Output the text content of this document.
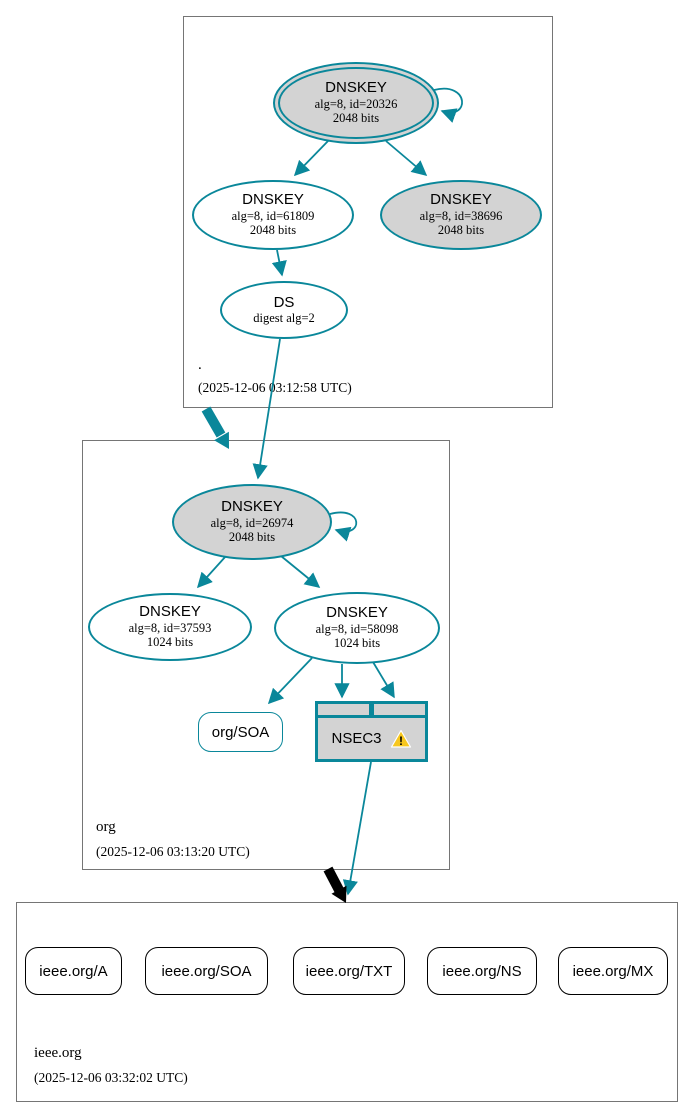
.
(2025-12-06 03:12:58 UTC)
org
(2025-12-06 03:13:20 UTC)
ieee.org
(2025-12-06 03:32:02 UTC)
DNSKEY
alg=8, id=20326
2048 bits
DNSKEY
alg=8, id=61809
2048 bits
DNSKEY
alg=8, id=38696
2048 bits
DS
digest alg=2
DNSKEY
alg=8, id=26974
2048 bits
DNSKEY
alg=8, id=37593
1024 bits
DNSKEY
alg=8, id=58098
1024 bits
org/SOA	NSEC3 !
ieee.org/A	ieee.org/SOA	ieee.org/TXT	ieee.org/NS	ieee.org/MX
